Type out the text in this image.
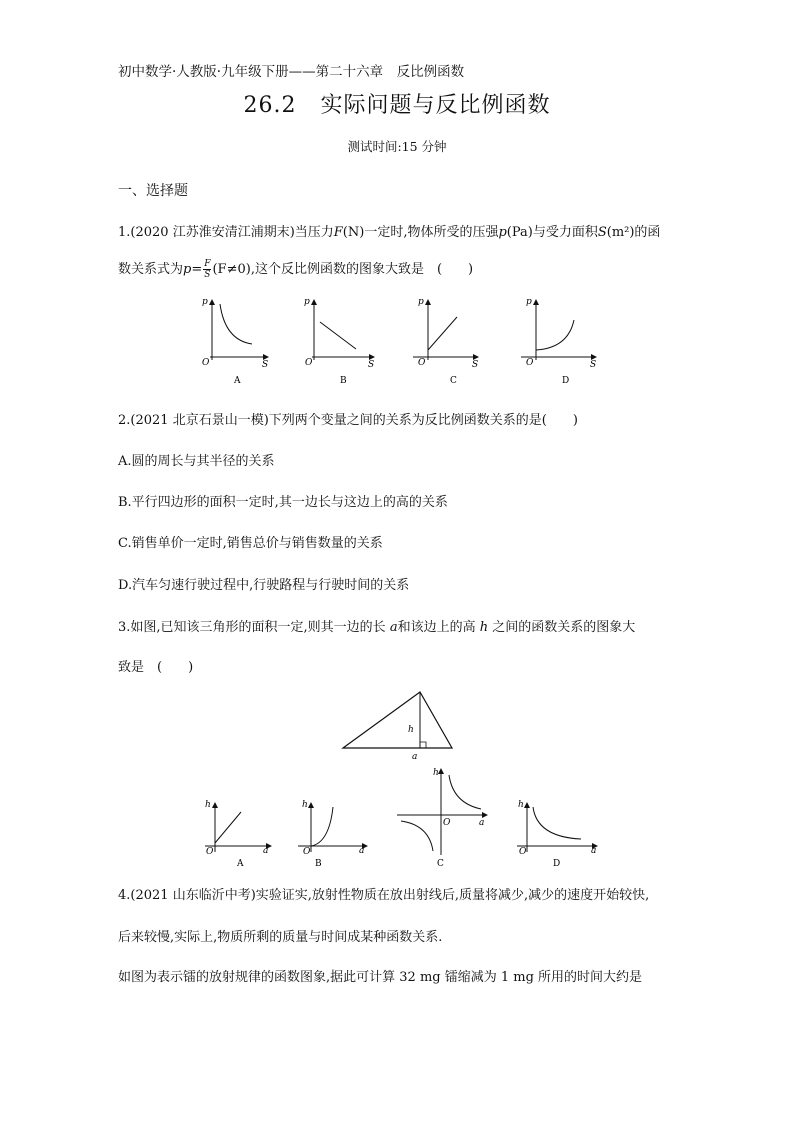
初中数学·人教版·九年级下册——第二十六章　反比例函数
26.2 实际问题与反比例函数
测试时间:15 分钟
一、选择题
1.(2020 江苏淮安清江浦期末)当压力F(N)一定时,物体所受的压强p(Pa)与受力面积S(m²)的函
数关系式为$p= \frac{F}{S} (F\ne 0)$,这个反比例函数的图象大致是　(　　)
p
S
O
A
p
S
O
B
p
S
O
C
p
S
O
D
2.(2021 北京石景山一模)下列两个变量之间的关系为反比例函数关系的是(　　)
A.圆的周长与其半径的关系
B.平行四边形的面积一定时,其一边长与这边上的高的关系
C.销售单价一定时,销售总价与销售数量的关系
D.汽车匀速行驶过程中,行驶路程与行驶时间的关系
3.如图,已知该三角形的面积一定,则其一边的长 a和该边上的高 h 之间的函数关系的图象大
致是　(　　)
h
a
h
a
O
A
h
a
O
B
h
a
O
C
h
a
O
D
4.(2021 山东临沂中考)实验证实,放射性物质在放出射线后,质量将减少,减少的速度开始较快,
后来较慢,实际上,物质所剩的质量与时间成某种函数关系.
如图为表示镭的放射规律的函数图象,据此可计算 32 mg 镭缩减为 1 mg 所用的时间大约是
